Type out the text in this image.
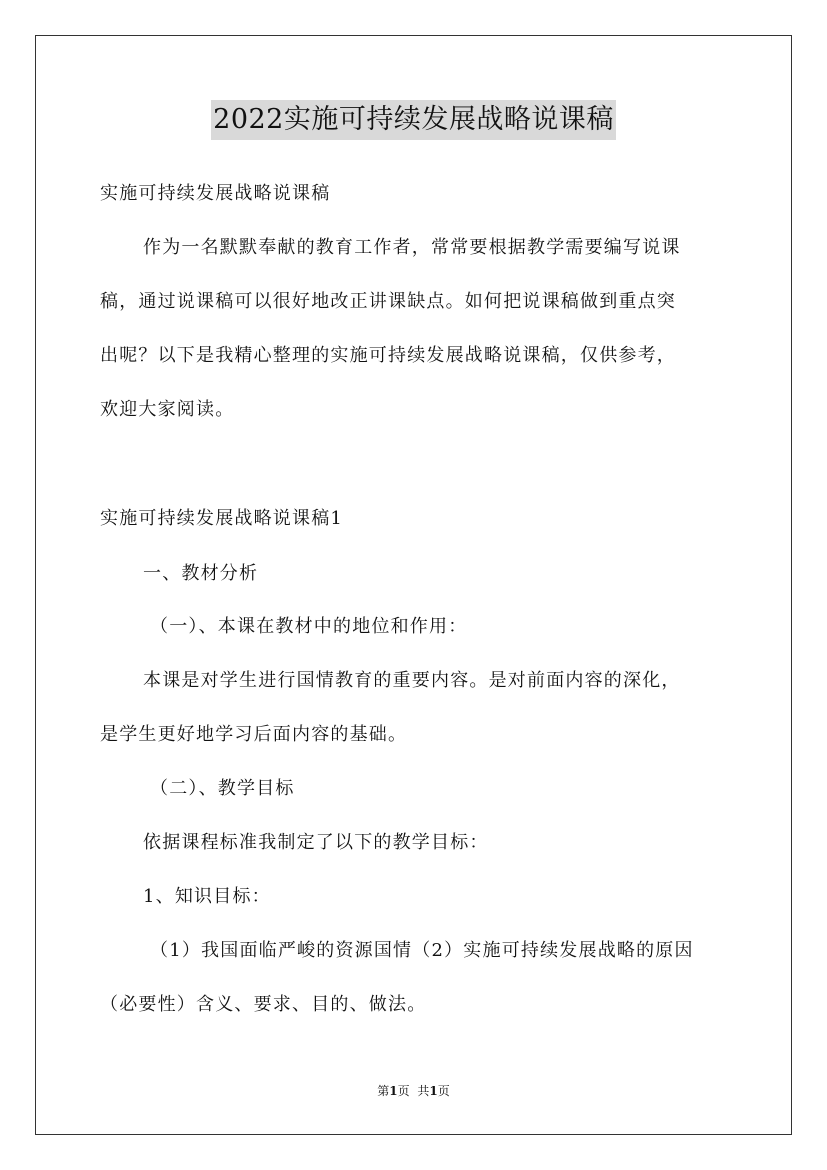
2022实施可持续发展战略说课稿
实施可持续发展战略说课稿
作为一名默默奉献的教育工作者，常常要根据教学需要编写说课
稿，通过说课稿可以很好地改正讲课缺点。如何把说课稿做到重点突
出呢？以下是我精心整理的实施可持续发展战略说课稿，仅供参考，
欢迎大家阅读。
实施可持续发展战略说课稿1
一、教材分析
（一）、本课在教材中的地位和作用：
本课是对学生进行国情教育的重要内容。是对前面内容的深化，
是学生更好地学习后面内容的基础。
（二）、教学目标
依据课程标准我制定了以下的教学目标：
1、知识目标：
（1）我国面临严峻的资源国情（2）实施可持续发展战略的原因
（必要性）含义、要求、目的、做法。
第1页 共1页
